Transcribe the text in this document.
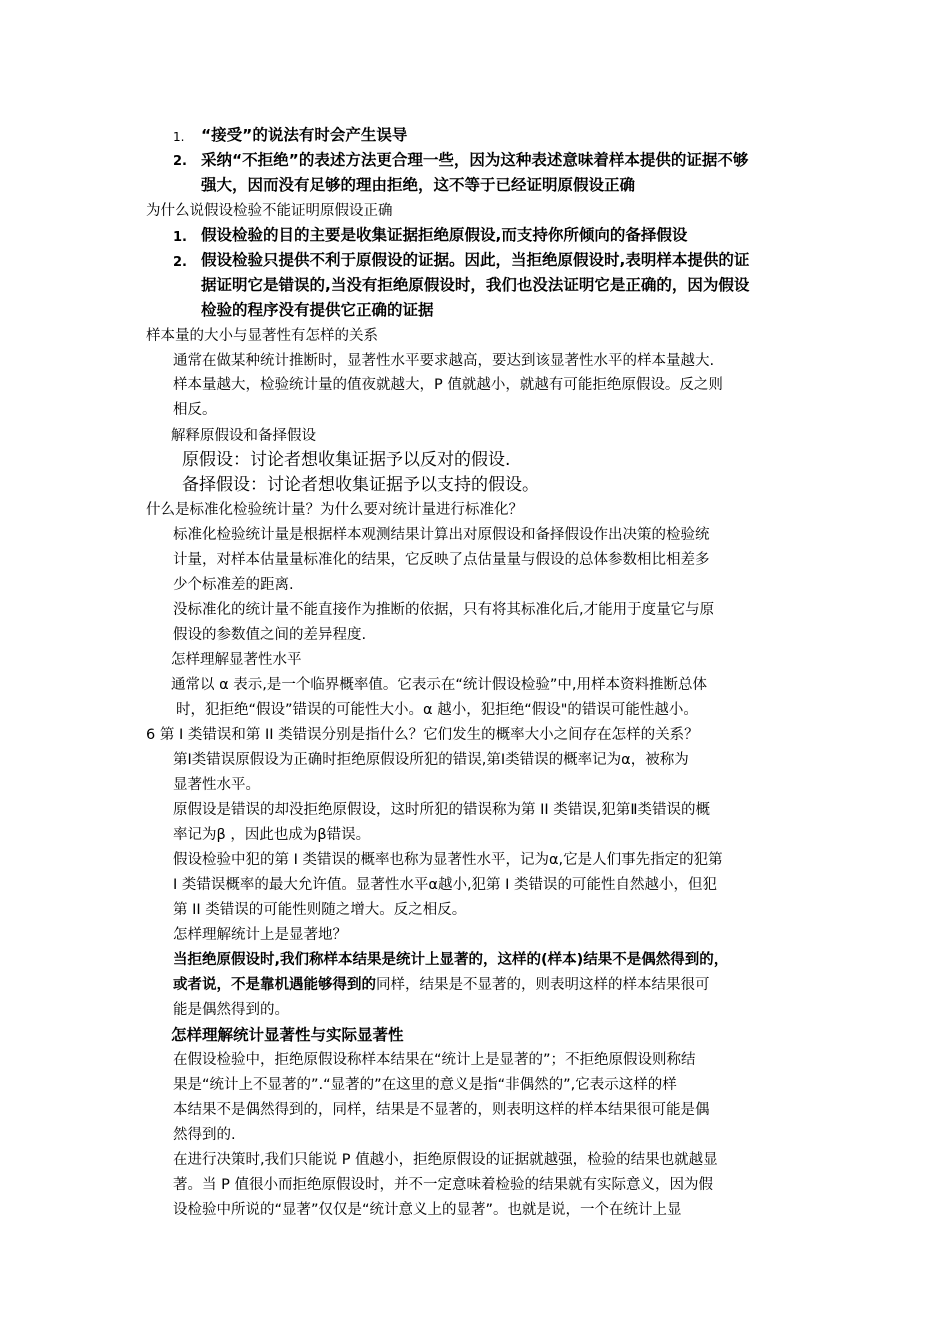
1. “接受”的说法有时会产生误导
2. 采纳“不拒绝”的表述方法更合理一些，因为这种表述意味着样本提供的证据不够
强大，因而没有足够的理由拒绝，这不等于已经证明原假设正确
为什么说假设检验不能证明原假设正确
1. 假设检验的目的主要是收集证据拒绝原假设,而支持你所倾向的备择假设
2. 假设检验只提供不利于原假设的证据。因此，当拒绝原假设时,表明样本提供的证
据证明它是错误的,当没有拒绝原假设时，我们也没法证明它是正确的，因为假设
检验的程序没有提供它正确的证据
样本量的大小与显著性有怎样的关系
通常在做某种统计推断时，显著性水平要求越高，要达到该显著性水平的样本量越大.
样本量越大，检验统计量的值夜就越大，P 值就越小，就越有可能拒绝原假设。反之则
相反。
解释原假设和备择假设
原假设：讨论者想收集证据予以反对的假设.
备择假设：讨论者想收集证据予以支持的假设。
什么是标准化检验统计量？为什么要对统计量进行标准化？
标准化检验统计量是根据样本观测结果计算出对原假设和备择假设作出决策的检验统
计量，对样本估量量标准化的结果，它反映了点估量量与假设的总体参数相比相差多
少个标准差的距离.
没标准化的统计量不能直接作为推断的依据，只有将其标准化后,才能用于度量它与原
假设的参数值之间的差异程度.
怎样理解显著性水平
通常以 α 表示,是一个临界概率值。它表示在“统计假设检验”中,用样本资料推断总体
时，犯拒绝“假设”错误的可能性大小。α 越小，犯拒绝“假设"的错误可能性越小。
6 第 I 类错误和第 II 类错误分别是指什么？它们发生的概率大小之间存在怎样的关系？
第Ⅰ类错误原假设为正确时拒绝原假设所犯的错误,第Ⅰ类错误的概率记为α，被称为
显著性水平。
原假设是错误的却没拒绝原假设，这时所犯的错误称为第 II 类错误,犯第Ⅱ类错误的概
率记为β ，因此也成为β错误。
假设检验中犯的第 I 类错误的概率也称为显著性水平，记为α,它是人们事先指定的犯第
I 类错误概率的最大允许值。显著性水平α越小,犯第 I 类错误的可能性自然越小，但犯
第 II 类错误的可能性则随之增大。反之相反。
怎样理解统计上是显著地？
当拒绝原假设时,我们称样本结果是统计上显著的，这样的(样本)结果不是偶然得到的，
或者说，不是靠机遇能够得到的同样，结果是不显著的，则表明这样的样本结果很可
能是偶然得到的。
怎样理解统计显著性与实际显著性
在假设检验中，拒绝原假设称样本结果在“统计上是显著的”；不拒绝原假设则称结
果是“统计上不显著的”.“显著的”在这里的意义是指“非偶然的”,它表示这样的样
本结果不是偶然得到的，同样，结果是不显著的，则表明这样的样本结果很可能是偶
然得到的.
在进行决策时,我们只能说 P 值越小，拒绝原假设的证据就越强，检验的结果也就越显
著。当 P 值很小而拒绝原假设时，并不一定意味着检验的结果就有实际意义，因为假
设检验中所说的“显著”仅仅是“统计意义上的显著”。也就是说，一个在统计上显
